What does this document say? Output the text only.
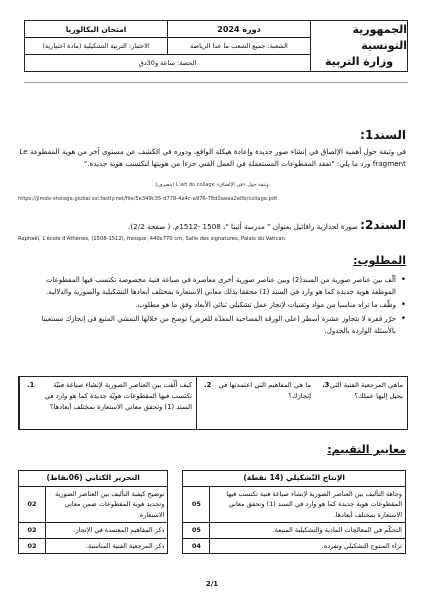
الجمهورية التونسية
وزارة التربية
امتحان البكالوريا	دورة 2024
الاختبار: التربية التشكيلية (مادة اختيارية)	الشعبة: جميع الشعب ما عدا الرياضة
الحصة: ساعة و30دق
السند1:
في وثيقة حول أهمية الإلصاق في إنشاء صور جديدة وإعادة هيكلة الواقع، ودوره في الكشف عن مستوى آخر من هوية المقطوعة Le fragment ورد ما يلي: "تفقد المقطوعات المستعملة في العمل الفني جزءا من هويتها لتكتسب هوية جديدة."
وثيقة حول «فن الإلصاق» L'art du collage (بتصرف)
https://jimdo-storage.global.ssl.fastly.net/file/5e349c35-d778-4a4c-a976-78d3aeaa2e0b/collage.pdf
السند2: صورة لجدارية رافائيل بعنوان " مدرسة أثينا "، 1508 -1512م. ( صفحة 2/2).
Raphaël, L'école d'Athènes, (1508-1512), fresque, 440x770 cm, Salle des signatures, Palais du Vatican.
المطلوب:
• ألّف بين عناصر صورية من السند(2) وبين عناصر صورية أخرى معاصرة في صياغة فنية مخصوصة تكتسب فيها المقطوعات الموظفة هوية جديدة كما هو وارد في السند (1) محققا بذلك معاني الاستعارة بمختلف أبعادها التشكيلية والصورية والدلالية.
• وظّف ما تراه مناسبا من مواد وتقنيات لإنجاز عمل تشكيلي ثنائي الأبعاد وفق ما هو مطلوب.
• حرّر فقرة لا تتجاوز عشرة أسطر (على الورقة المصاحبة المعدّة للغرض) توضح من خلالها التمشي المتبع في إنجازك مستعينا بالأسئلة الواردة بالجدول.
1.	كيف ألّفت بين العناصر الصورية لإنشاء صياغة فنيّة تكتسب فيها المقطوعات هويّة جديدة كما هو وارد في السند (1) وتحقق معاني الاستعارة بمختلف أبعادها؟
2.	ما هي المفاهيم التي اعتمدتها في إنجازك؟
3. ماهي المرجعية الفنية التي يحيل إليها عملك؟
معايير التقييم:
الإنتاج التّشكيلي (14 نقطة)			التحرير الكتابي (06نقاط)	
وجاهة التأليف بين العناصر الصورية لإنشاء صياغة فنية تكتسب فيها المقطوعات هوية جديدة كما هو وارد في السند (1) وتحقق معاني الاستعارة بمختلف أبعادها.	05		توضيح كيفية التأليف بين العناصر الصورية وتجديد هوية المقطوعات ضمن معاني الاستعارة.	02
التحكّم في المعالجات المادية والتشكيلية المتبعة.	05		ذكر المفاهيم المعتمدة في الإنجاز.	02
ثراء المنتوج التشكيلي وتفرده.	04		ذكر المرجعية الفنية المناسبة.	02
2/1
